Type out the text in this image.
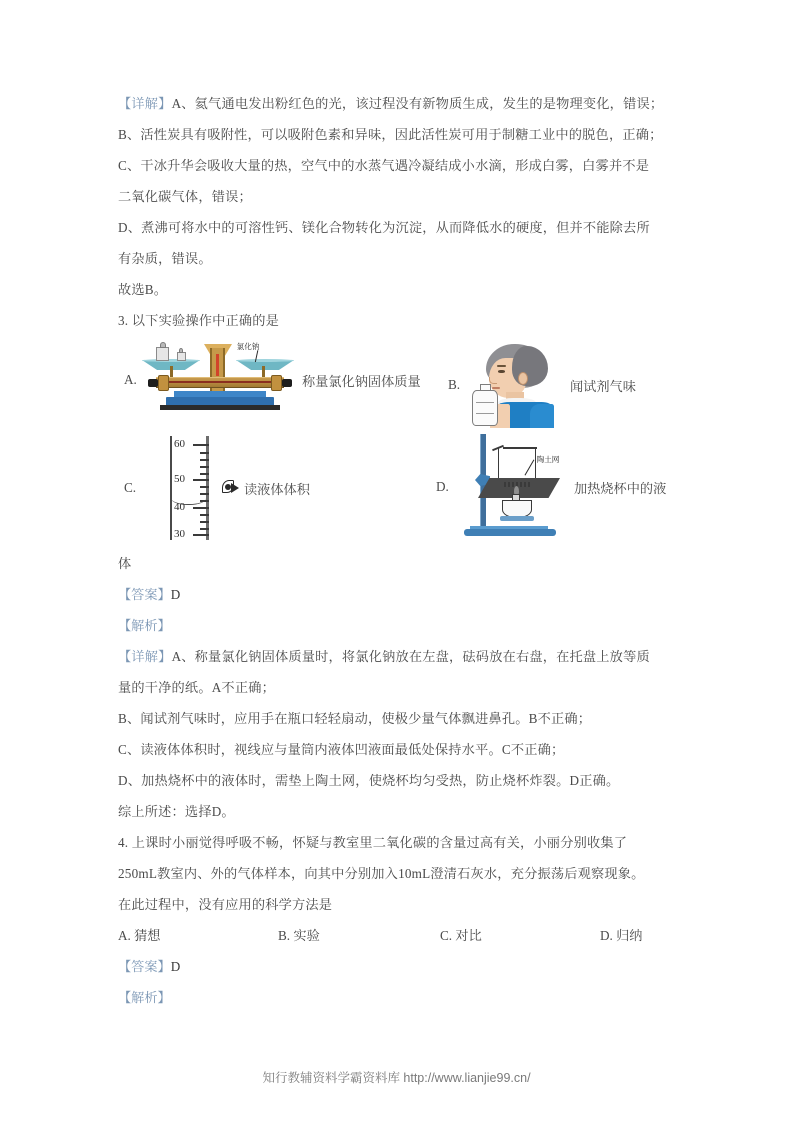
【详解】A、氦气通电发出粉红色的光，该过程没有新物质生成，发生的是物理变化，错误；
B、活性炭具有吸附性，可以吸附色素和异味，因此活性炭可用于制糖工业中的脱色，正确；
C、干冰升华会吸收大量的热，空气中的水蒸气遇冷凝结成小水滴，形成白雾，白雾并不是
二氧化碳气体，错误；
D、煮沸可将水中的可溶性钙、镁化合物转化为沉淀，从而降低水的硬度，但并不能除去所
有杂质，错误。
故选B。
3. 以下实验操作中正确的是
A.
氯化钠
称量氯化钠固体质量 B.	闻试剂气味
C.
60
50
40
30
读液体体积	D.
陶土网
加热烧杯中的液
体
【答案】D
【解析】
【详解】A、称量氯化钠固体质量时，将氯化钠放在左盘，砝码放在右盘，在托盘上放等质
量的干净的纸。A不正确；
B、闻试剂气味时，应用手在瓶口轻轻扇动，使极少量气体飘进鼻孔。B不正确；
C、读液体体积时，视线应与量筒内液体凹液面最低处保持水平。C不正确；
D、加热烧杯中的液体时，需垫上陶土网，使烧杯均匀受热，防止烧杯炸裂。D正确。
综上所述：选择D。
4. 上课时小丽觉得呼吸不畅，怀疑与教室里二氧化碳的含量过高有关，小丽分别收集了
250mL教室内、外的气体样本，向其中分别加入10mL澄清石灰水，充分振荡后观察现象。
在此过程中，没有应用的科学方法是
A. 猜想	B. 实验	C. 对比	D. 归纳
【答案】D
【解析】
知行教辅资料学霸资料库 http://www.lianjie99.cn/
